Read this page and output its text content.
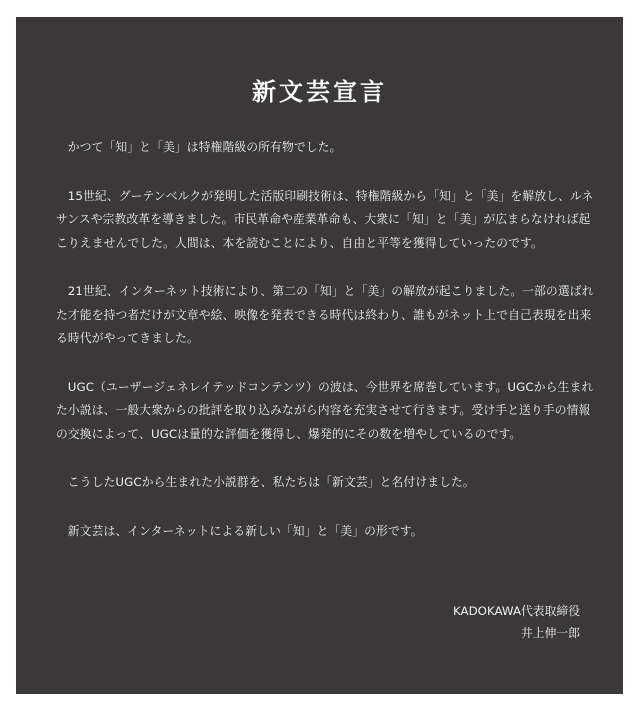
新文芸宣言

かつて「知」と「美」は特権階級の所有物でした。

15世紀、グーテンベルクが発明した活版印刷技術は、特権階級から「知」と「美」を解放し、ルネサンスや宗教改革を導きました。市民革命や産業革命も、大衆に「知」と「美」が広まらなければ起こりえませんでした。人間は、本を読むことにより、自由と平等を獲得していったのです。

21世紀、インターネット技術により、第二の「知」と「美」の解放が起こりました。一部の選ばれた才能を持つ者だけが文章や絵、映像を発表できる時代は終わり、誰もがネット上で自己表現を出来る時代がやってきました。

UGC（ユーザージェネレイテッドコンテンツ）の波は、今世界を席巻しています。UGCから生まれた小説は、一般大衆からの批評を取り込みながら内容を充実させて行きます。受け手と送り手の情報の交換によって、UGCは量的な評価を獲得し、爆発的にその数を増やしているのです。

こうしたUGCから生まれた小説群を、私たちは「新文芸」と名付けました。

新文芸は、インターネットによる新しい「知」と「美」の形です。

KADOKAWA代表取締役
井上伸一郎
